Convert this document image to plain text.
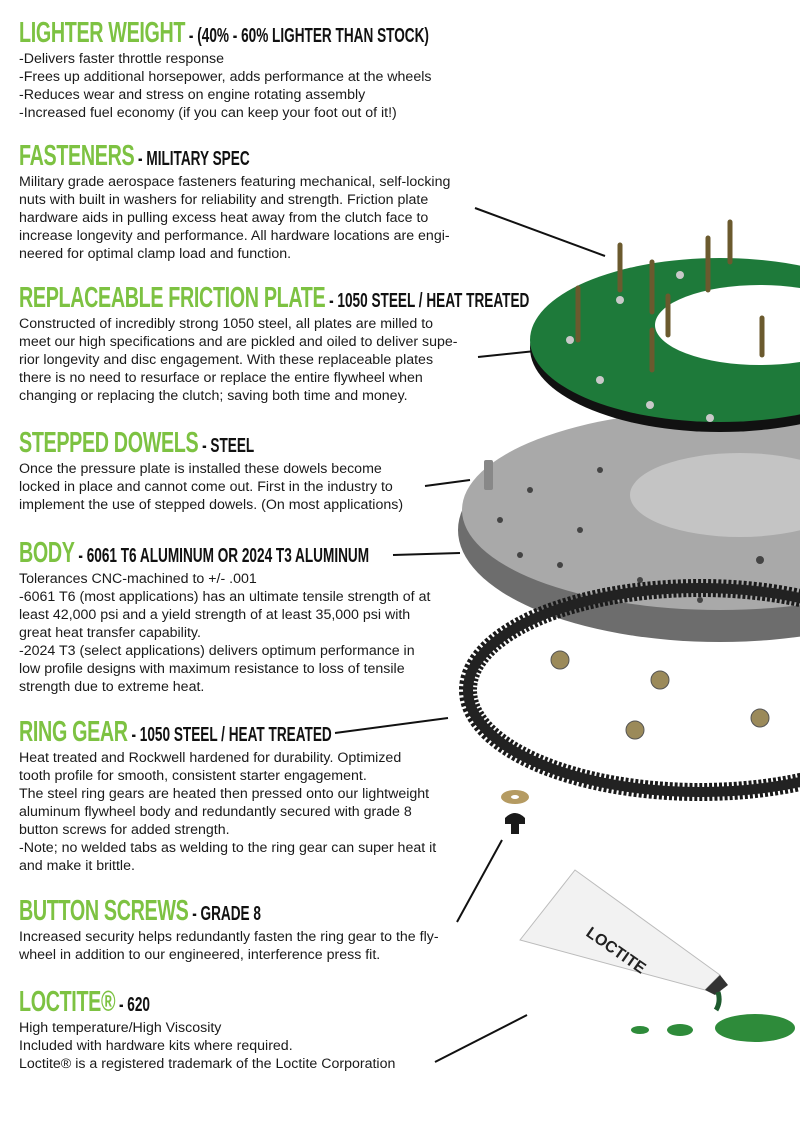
LOCTITE
LIGHTER WEIGHT - (40% - 60% LIGHTER THAN STOCK)
-Delivers faster throttle response
-Frees up additional horsepower, adds performance at the wheels
-Reduces wear and stress on engine rotating assembly
-Increased fuel economy (if you can keep your foot out of it!)
FASTENERS - MILITARY SPEC
Military grade aerospace fasteners featuring mechanical, self-locking
nuts with built in washers for reliability and strength. Friction plate
hardware aids in pulling excess heat away from the clutch face to
increase longevity and performance. All hardware locations are engi-
neered for optimal clamp load and function.
REPLACEABLE FRICTION PLATE - 1050 STEEL / HEAT TREATED
Constructed of incredibly strong 1050 steel, all plates are milled to
meet our high specifications and are pickled and oiled to deliver supe-
rior longevity and disc engagement. With these replaceable plates
there is no need to resurface or replace the entire flywheel when
changing or replacing the clutch; saving both time and money.
STEPPED DOWELS - STEEL
Once the pressure plate is installed these dowels become
locked in place and cannot come out. First in the industry to
implement the use of stepped dowels. (On most applications)
BODY - 6061 T6 ALUMINUM OR 2024 T3 ALUMINUM
Tolerances CNC-machined to +/- .001
-6061 T6 (most applications) has an ultimate tensile strength of at
least 42,000 psi and a yield strength of at least 35,000 psi with
great heat transfer capability.
-2024 T3 (select applications) delivers optimum performance in
low profile designs with maximum resistance to loss of tensile
strength due to extreme heat.
RING GEAR - 1050 STEEL / HEAT TREATED
Heat treated and Rockwell hardened for durability. Optimized
tooth profile for smooth, consistent starter engagement.
The steel ring gears are heated then pressed onto our lightweight
aluminum flywheel body and redundantly secured with grade 8
button screws for added strength.
-Note; no welded tabs as welding to the ring gear can super heat it
and make it brittle.
BUTTON SCREWS - GRADE 8
Increased security helps redundantly fasten the ring gear to the fly-
wheel in addition to our engineered, interference press fit.
LOCTITE® - 620
High temperature/High Viscosity
Included with hardware kits where required.
Loctite® is a registered trademark of the Loctite Corporation
